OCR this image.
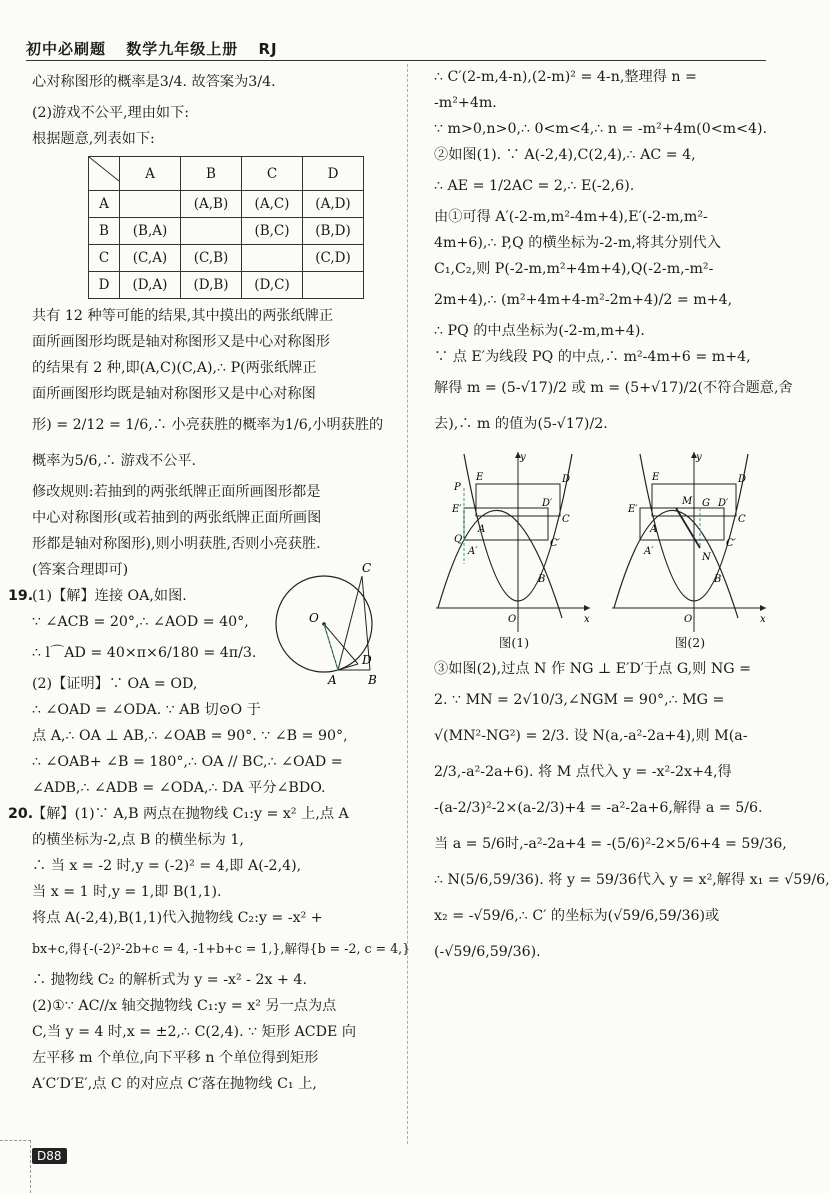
初中必刷题 数学九年级上册 RJ

心对称图形的概率是3/4. 故答案为3/4.

(2)游戏不公平,理由如下:

根据题意,列表如下:

	A	B	C	D
A		(A,B)	(A,C)	(A,D)
B	(B,A)		(B,C)	(B,D)
C	(C,A)	(C,B)		(C,D)
D	(D,A)	(D,B)	(D,C)	

共有 12 种等可能的结果,其中摸出的两张纸牌正

面所画图形均既是轴对称图形又是中心对称图形

的结果有 2 种,即(A,C)(C,A),∴ P(两张纸牌正

面所画图形均既是轴对称图形又是中心对称图

形) = 2/12 = 1/6,∴ 小亮获胜的概率为1/6,小明获胜的

概率为5/6,∴ 游戏不公平.

修改规则:若抽到的两张纸牌正面所画图形都是

中心对称图形(或若抽到的两张纸牌正面所画图

形都是轴对称图形),则小明获胜,否则小亮获胜.

(答案合理即可)

19.(1)【解】连接 OA,如图.

∵ ∠ACB = 20°,∴ ∠AOD = 40°,

∴ l⌒AD = 40×π×6/180 = 4π/3.

(2)【证明】∵ OA = OD,

∴ ∠OAD = ∠ODA. ∵ AB 切⊙O 于

点 A,∴ OA ⊥ AB,∴ ∠OAB = 90°. ∵ ∠B = 90°,

∴ ∠OAB+ ∠B = 180°,∴ OA // BC,∴ ∠OAD =

∠ADB,∴ ∠ADB = ∠ODA,∴ DA 平分∠BDO.

20.【解】(1)∵ A,B 两点在抛物线 C₁:y = x² 上,点 A

的横坐标为-2,点 B 的横坐标为 1,

∴ 当 x = -2 时,y = (-2)² = 4,即 A(-2,4),

当 x = 1 时,y = 1,即 B(1,1).

将点 A(-2,4),B(1,1)代入抛物线 C₂:y = -x² +

bx+c,得{-(-2)²-2b+c = 4, -1+b+c = 1,},解得{b = -2, c = 4,}

∴ 抛物线 C₂ 的解析式为 y = -x² - 2x + 4.

(2)①∵ AC//x 轴交抛物线 C₁:y = x² 另一点为点

C,当 y = 4 时,x = ±2,∴ C(2,4). ∵ 矩形 ACDE 向

左平移 m 个单位,向下平移 n 个单位得到矩形

A′C′D′E′,点 C 的对应点 C′落在抛物线 C₁ 上,

O
C
A	B
D

∴ C′(2-m,4-n),(2-m)² = 4-n,整理得 n =

-m²+4m.

∵ m>0,n>0,∴ 0<m<4,∴ n = -m²+4m(0<m<4).

②如图(1). ∵ A(-2,4),C(2,4),∴ AC = 4,

∴ AE = 1/2AC = 2,∴ E(-2,6).

由①可得 A′(-2-m,m²-4m+4),E′(-2-m,m²-

4m+6),∴ P,Q 的横坐标为-2-m,将其分别代入

C₁,C₂,则 P(-2-m,m²+4m+4),Q(-2-m,-m²-

2m+4),∴ (m²+4m+4-m²-2m+4)/2 = m+4,

∴ PQ 的中点坐标为(-2-m,m+4).

∵ 点 E′为线段 PQ 的中点,∴ m²-4m+6 = m+4,

解得 m = (5-√17)/2 或 m = (5+√17)/2(不符合题意,舍

去),∴ m 的值为(5-√17)/2.

y
x
O
E	D
P
E′
D′
C
Q
A
A′
C′
B
图(1)
y
x
O
E	D
M G
E′
D′
C
A
N
A′
C′
B
图(2)

③如图(2),过点 N 作 NG ⊥ E′D′于点 G,则 NG =

2. ∵ MN = 2√10/3,∠NGM = 90°,∴ MG =

√(MN²-NG²) = 2/3. 设 N(a,-a²-2a+4),则 M(a-

2/3,-a²-2a+6). 将 M 点代入 y = -x²-2x+4,得

-(a-2/3)²-2×(a-2/3)+4 = -a²-2a+6,解得 a = 5/6.

当 a = 5/6时,-a²-2a+4 = -(5/6)²-2×5/6+4 = 59/36,

∴ N(5/6,59/36). 将 y = 59/36代入 y = x²,解得 x₁ = √59/6,

x₂ = -√59/6,∴ C′ 的坐标为(√59/6,59/36)或

(-√59/6,59/36).

D88
